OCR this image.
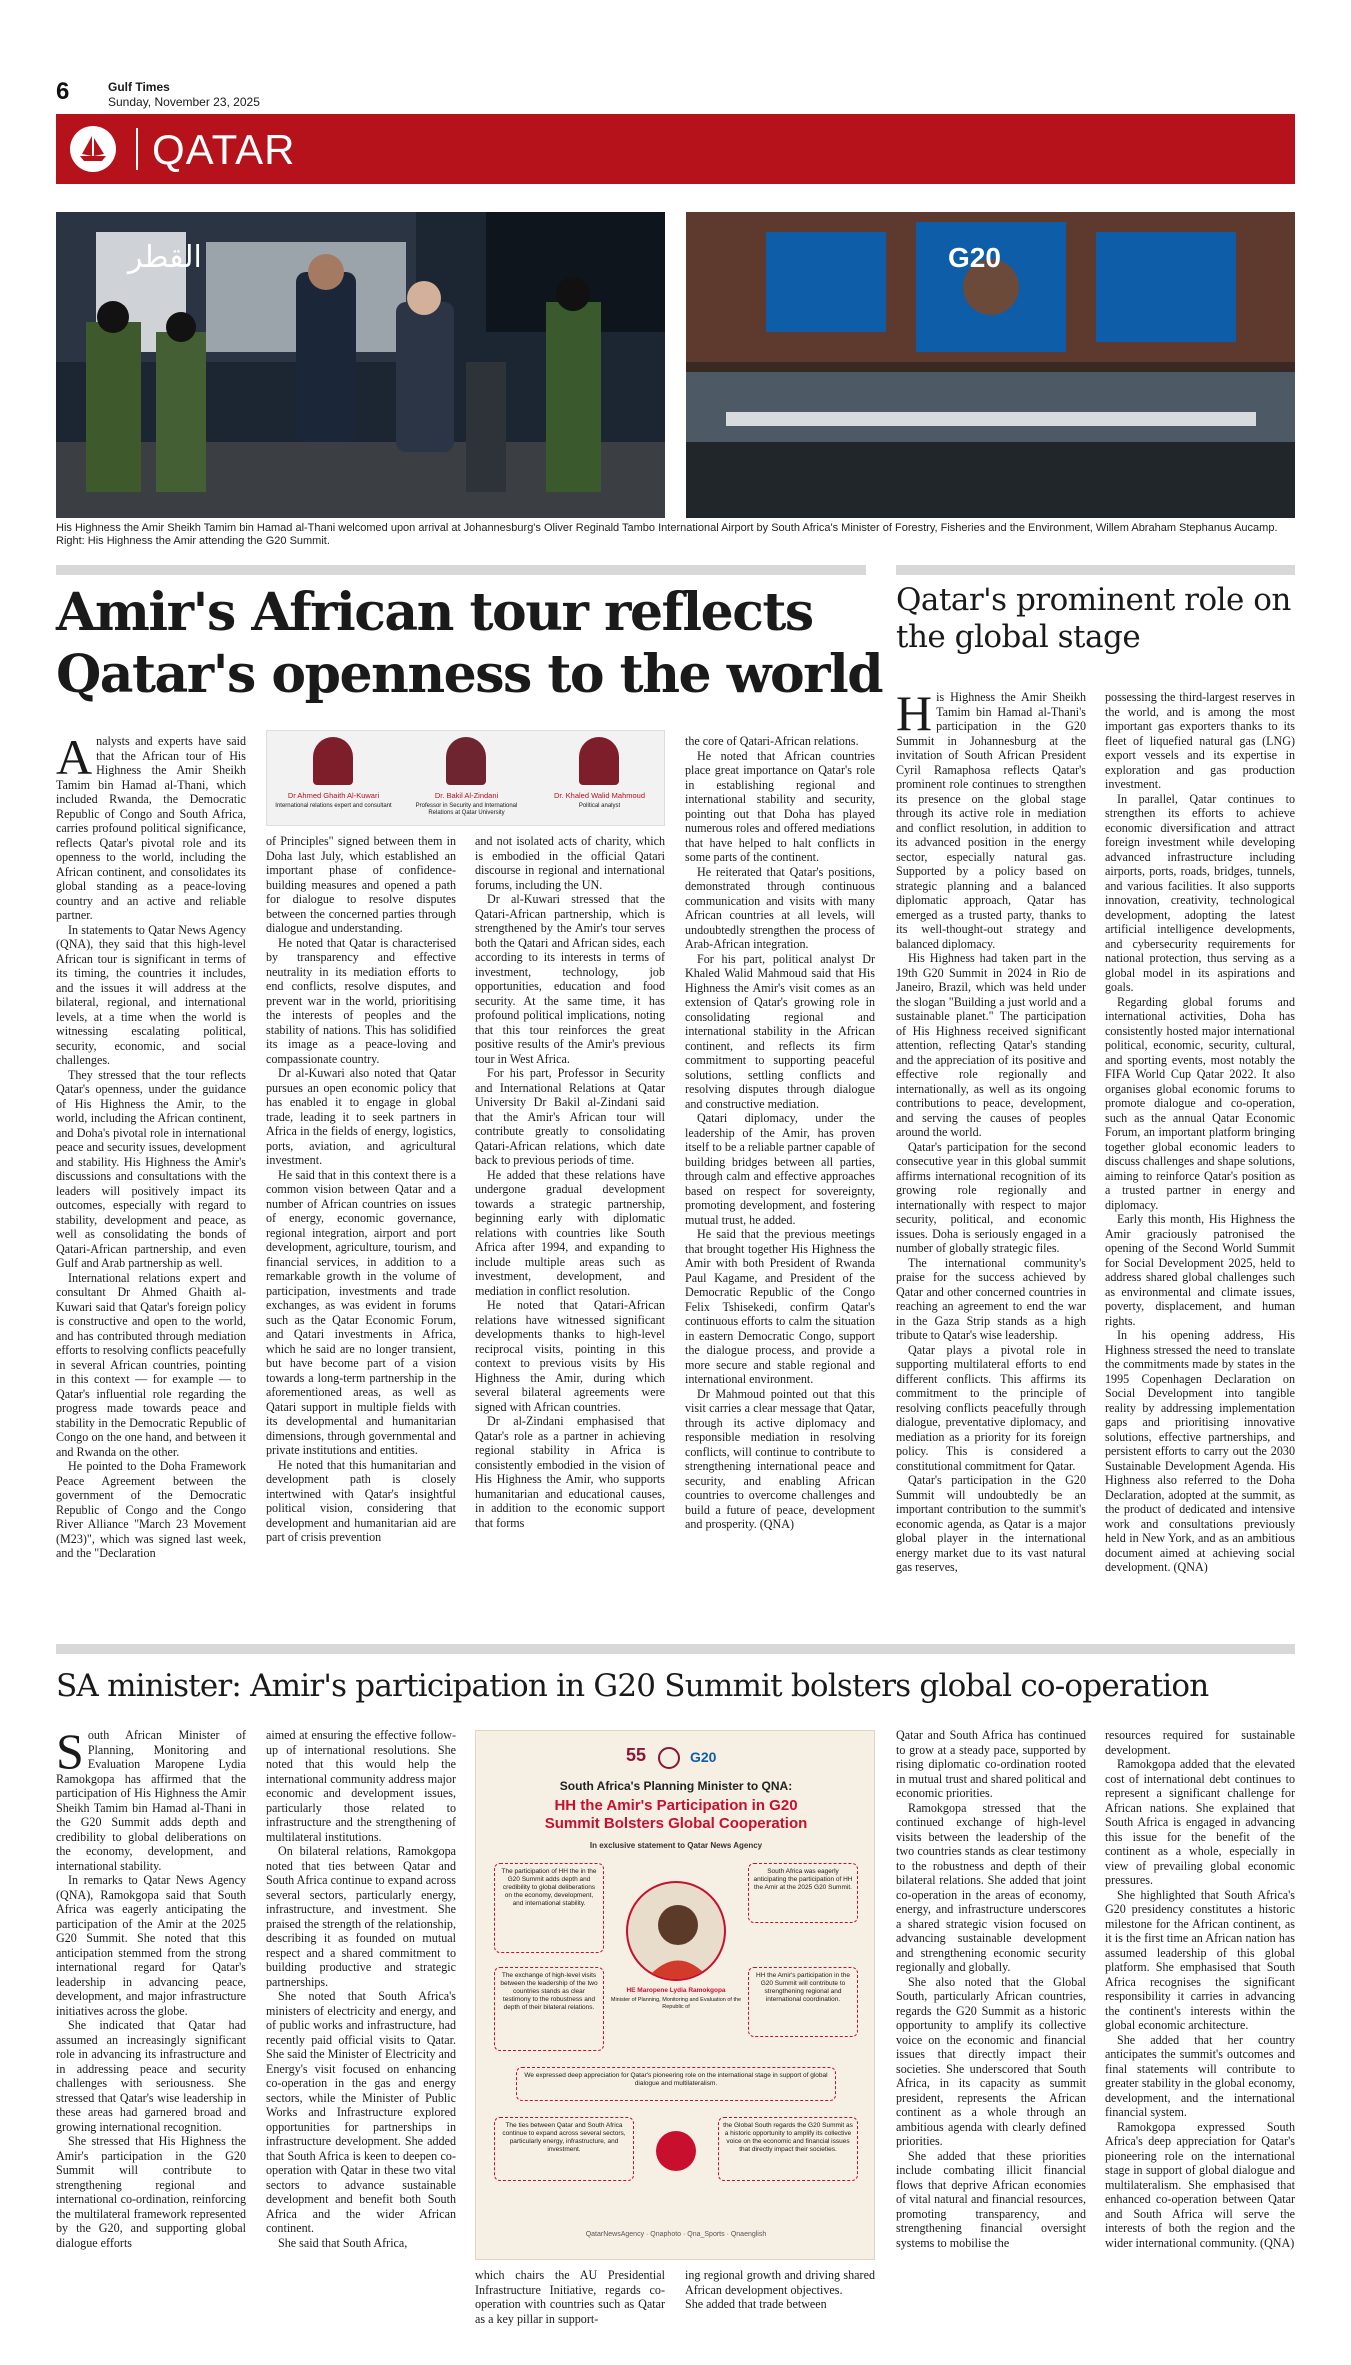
6	Gulf Times
Sunday, November 23, 2025
QATAR
القطر	G20
His Highness the Amir Sheikh Tamim bin Hamad al-Thani welcomed upon arrival at Johannesburg's Oliver Reginald Tambo International Airport by South Africa's Minister of Forestry, Fisheries and the Environment, Willem Abraham Stephanus Aucamp. Right: His Highness the Amir attending the G20 Summit.
Amir's African tour reflects Qatar's openness to the world
Dr Ahmed Ghaith Al-Kuwari
International relations expert and consultant
Dr. Bakil Al-Zindani
Professor in Security and International Relations at Qatar University
Dr. Khaled Walid Mahmoud
Political analyst

Analysts and experts have said that the African tour of His Highness the Amir Sheikh Tamim bin Hamad al-Thani, which included Rwanda, the Democratic Republic of Congo and South Africa, carries profound political significance, reflects Qatar's pivotal role and its openness to the world, including the African continent, and consolidates its global standing as a peace-loving country and an active and reliable partner.

In statements to Qatar News Agency (QNA), they said that this high-level African tour is significant in terms of its timing, the countries it includes, and the issues it will address at the bilateral, regional, and international levels, at a time when the world is witnessing escalating political, security, economic, and social challenges.

They stressed that the tour reflects Qatar's openness, under the guidance of His Highness the Amir, to the world, including the African continent, and Doha's pivotal role in international peace and security issues, development and stability. His Highness the Amir's discussions and consultations with the leaders will positively impact its outcomes, especially with regard to stability, development and peace, as well as consolidating the bonds of Qatari-African partnership, and even Gulf and Arab partnership as well.

International relations expert and consultant Dr Ahmed Ghaith al-Kuwari said that Qatar's foreign policy is constructive and open to the world, and has contributed through mediation efforts to resolving conflicts peacefully in several African countries, pointing in this context — for example — to Qatar's influential role regarding the progress made towards peace and stability in the Democratic Republic of Congo on the one hand, and between it and Rwanda on the other.

He pointed to the Doha Framework Peace Agreement between the government of the Democratic Republic of Congo and the Congo River Alliance "March 23 Movement (M23)", which was signed last week, and the "Declaration

of Principles" signed between them in Doha last July, which established an important phase of confidence-building measures and opened a path for dialogue to resolve disputes between the concerned parties through dialogue and understanding.

He noted that Qatar is characterised by transparency and effective neutrality in its mediation efforts to end conflicts, resolve disputes, and prevent war in the world, prioritising the interests of peoples and the stability of nations. This has solidified its image as a peace-loving and compassionate country.

Dr al-Kuwari also noted that Qatar pursues an open economic policy that has enabled it to engage in global trade, leading it to seek partners in Africa in the fields of energy, logistics, ports, aviation, and agricultural investment.

He said that in this context there is a common vision between Qatar and a number of African countries on issues of energy, economic governance, regional integration, airport and port development, agriculture, tourism, and financial services, in addition to a remarkable growth in the volume of participation, investments and trade exchanges, as was evident in forums such as the Qatar Economic Forum, and Qatari investments in Africa, which he said are no longer transient, but have become part of a vision towards a long-term partnership in the aforementioned areas, as well as Qatari support in multiple fields with its developmental and humanitarian dimensions, through governmental and private institutions and entities.

He noted that this humanitarian and development path is closely intertwined with Qatar's insightful political vision, considering that development and humanitarian aid are part of crisis prevention

and not isolated acts of charity, which is embodied in the official Qatari discourse in regional and international forums, including the UN.

Dr al-Kuwari stressed that the Qatari-African partnership, which is strengthened by the Amir's tour serves both the Qatari and African sides, each according to its interests in terms of investment, technology, job opportunities, education and food security. At the same time, it has profound political implications, noting that this tour reinforces the great positive results of the Amir's previous tour in West Africa.

For his part, Professor in Security and International Relations at Qatar University Dr Bakil al-Zindani said that the Amir's African tour will contribute greatly to consolidating Qatari-African relations, which date back to previous periods of time.

He added that these relations have undergone gradual development towards a strategic partnership, beginning early with diplomatic relations with countries like South Africa after 1994, and expanding to include multiple areas such as investment, development, and mediation in conflict resolution.

He noted that Qatari-African relations have witnessed significant developments thanks to high-level reciprocal visits, pointing in this context to previous visits by His Highness the Amir, during which several bilateral agreements were signed with African countries.

Dr al-Zindani emphasised that Qatar's role as a partner in achieving regional stability in Africa is consistently embodied in the vision of His Highness the Amir, who supports humanitarian and educational causes, in addition to the economic support that forms

the core of Qatari-African relations.

He noted that African countries place great importance on Qatar's role in establishing regional and international stability and security, pointing out that Doha has played numerous roles and offered mediations that have helped to halt conflicts in some parts of the continent.

He reiterated that Qatar's positions, demonstrated through continuous communication and visits with many African countries at all levels, will undoubtedly strengthen the process of Arab-African integration.

For his part, political analyst Dr Khaled Walid Mahmoud said that His Highness the Amir's visit comes as an extension of Qatar's growing role in consolidating regional and international stability in the African continent, and reflects its firm commitment to supporting peaceful solutions, settling conflicts and resolving disputes through dialogue and constructive mediation.

Qatari diplomacy, under the leadership of the Amir, has proven itself to be a reliable partner capable of building bridges between all parties, through calm and effective approaches based on respect for sovereignty, promoting development, and fostering mutual trust, he added.

He said that the previous meetings that brought together His Highness the Amir with both President of Rwanda Paul Kagame, and President of the Democratic Republic of the Congo Felix Tshisekedi, confirm Qatar's continuous efforts to calm the situation in eastern Democratic Congo, support the dialogue process, and provide a more secure and stable regional and international environment.

Dr Mahmoud pointed out that this visit carries a clear message that Qatar, through its active diplomacy and responsible mediation in resolving conflicts, will continue to contribute to strengthening international peace and security, and enabling African countries to overcome challenges and build a future of peace, development and prosperity. (QNA)

Qatar's prominent role on the global stage

His Highness the Amir Sheikh Tamim bin Hamad al-Thani's participation in the G20 Summit in Johannesburg at the invitation of South African President Cyril Ramaphosa reflects Qatar's prominent role continues to strengthen its presence on the global stage through its active role in mediation and conflict resolution, in addition to its advanced position in the energy sector, especially natural gas. Supported by a policy based on strategic planning and a balanced diplomatic approach, Qatar has emerged as a trusted party, thanks to its well-thought-out strategy and balanced diplomacy.

His Highness had taken part in the 19th G20 Summit in 2024 in Rio de Janeiro, Brazil, which was held under the slogan "Building a just world and a sustainable planet." The participation of His Highness received significant attention, reflecting Qatar's standing and the appreciation of its positive and effective role regionally and internationally, as well as its ongoing contributions to peace, development, and serving the causes of peoples around the world.

Qatar's participation for the second consecutive year in this global summit affirms international recognition of its growing role regionally and internationally with respect to major security, political, and economic issues. Doha is seriously engaged in a number of globally strategic files.

The international community's praise for the success achieved by Qatar and other concerned countries in reaching an agreement to end the war in the Gaza Strip stands as a high tribute to Qatar's wise leadership.

Qatar plays a pivotal role in supporting multilateral efforts to end different conflicts. This affirms its commitment to the principle of resolving conflicts peacefully through dialogue, preventative diplomacy, and mediation as a priority for its foreign policy. This is considered a constitutional commitment for Qatar.

Qatar's participation in the G20 Summit will undoubtedly be an important contribution to the summit's economic agenda, as Qatar is a major global player in the international energy market due to its vast natural gas reserves,

possessing the third-largest reserves in the world, and is among the most important gas exporters thanks to its fleet of liquefied natural gas (LNG) export vessels and its expertise in exploration and gas production investment.

In parallel, Qatar continues to strengthen its efforts to achieve economic diversification and attract foreign investment while developing advanced infrastructure including airports, ports, roads, bridges, tunnels, and various facilities. It also supports innovation, creativity, technological development, adopting the latest artificial intelligence developments, and cybersecurity requirements for national protection, thus serving as a global model in its aspirations and goals.

Regarding global forums and international activities, Doha has consistently hosted major international political, economic, security, cultural, and sporting events, most notably the FIFA World Cup Qatar 2022. It also organises global economic forums to promote dialogue and co-operation, such as the annual Qatar Economic Forum, an important platform bringing together global economic leaders to discuss challenges and shape solutions, aiming to reinforce Qatar's position as a trusted partner in energy and diplomacy.

Early this month, His Highness the Amir graciously patronised the opening of the Second World Summit for Social Development 2025, held to address shared global challenges such as environmental and climate issues, poverty, displacement, and human rights.

In his opening address, His Highness stressed the need to translate the commitments made by states in the 1995 Copenhagen Declaration on Social Development into tangible reality by addressing implementation gaps and prioritising innovative solutions, effective partnerships, and persistent efforts to carry out the 2030 Sustainable Development Agenda. His Highness also referred to the Doha Declaration, adopted at the summit, as the product of dedicated and intensive work and consultations previously held in New York, and as an ambitious document aimed at achieving social development. (QNA)

SA minister: Amir's participation in G20 Summit bolsters global co-operation

South African Minister of Planning, Monitoring and Evaluation Maropene Lydia Ramokgopa has affirmed that the participation of His Highness the Amir Sheikh Tamim bin Hamad al-Thani in the G20 Summit adds depth and credibility to global deliberations on the economy, development, and international stability.

In remarks to Qatar News Agency (QNA), Ramokgopa said that South Africa was eagerly anticipating the participation of the Amir at the 2025 G20 Summit. She noted that this anticipation stemmed from the strong international regard for Qatar's leadership in advancing peace, development, and major infrastructure initiatives across the globe.

She indicated that Qatar had assumed an increasingly significant role in advancing its infrastructure and in addressing peace and security challenges with seriousness. She stressed that Qatar's wise leadership in these areas had garnered broad and growing international recognition.

She stressed that His Highness the Amir's participation in the G20 Summit will contribute to strengthening regional and international co-ordination, reinforcing the multilateral framework represented by the G20, and supporting global dialogue efforts

aimed at ensuring the effective follow-up of international resolutions. She noted that this would help the international community address major economic and development issues, particularly those related to infrastructure and the strengthening of multilateral institutions.

On bilateral relations, Ramokgopa noted that ties between Qatar and South Africa continue to expand across several sectors, particularly energy, infrastructure, and investment. She praised the strength of the relationship, describing it as founded on mutual respect and a shared commitment to building productive and strategic partnerships.

She noted that South Africa's ministers of electricity and energy, and of public works and infrastructure, had recently paid official visits to Qatar. She said the Minister of Electricity and Energy's visit focused on enhancing co-operation in the gas and energy sectors, while the Minister of Public Works and Infrastructure explored opportunities for partnerships in infrastructure development. She added that South Africa is keen to deepen co-operation with Qatar in these two vital sectors to advance sustainable development and benefit both South Africa and the wider African continent.

She said that South Africa,

55	G20
South Africa's Planning Minister to QNA:
HH the Amir's Participation in G20
Summit Bolsters Global Cooperation
In exclusive statement to Qatar News Agency
The participation of HH the in the G20 Summit adds depth and credibility to global deliberations on the economy, development, and international stability.
South Africa was eagerly anticipating the participation of HH the Amir at the 2025 G20 Summit.
HE Maropene Lydia Ramokgopa
Minister of Planning, Monitoring and Evaluation of the Republic of
The exchange of high-level visits between the leadership of the two countries stands as clear testimony to the robustness and depth of their bilateral relations.
HH the Amir's participation in the G20 Summit will contribute to strengthening regional and international coordination.
We expressed deep appreciation for Qatar's pioneering role on the international stage in support of global dialogue and multilateralism.
The ties between Qatar and South Africa continue to expand across several sectors, particularly energy, infrastructure, and investment.
the Global South regards the G20 Summit as a historic opportunity to amplify its collective voice on the economic and financial issues that directly impact their societies.
QatarNewsAgency · Qnaphoto · Qna_Sports · Qnaenglish
which chairs the AU Presidential Infrastructure Initiative, regards co-operation with countries such as Qatar as a key pillar in support-
ing regional growth and driving shared African development objectives.
She added that trade between

Qatar and South Africa has continued to grow at a steady pace, supported by rising diplomatic co-ordination rooted in mutual trust and shared political and economic priorities.

Ramokgopa stressed that the continued exchange of high-level visits between the leadership of the two countries stands as clear testimony to the robustness and depth of their bilateral relations. She added that joint co-operation in the areas of economy, energy, and infrastructure underscores a shared strategic vision focused on advancing sustainable development and strengthening economic security regionally and globally.

She also noted that the Global South, particularly African countries, regards the G20 Summit as a historic opportunity to amplify its collective voice on the economic and financial issues that directly impact their societies. She underscored that South Africa, in its capacity as summit president, represents the African continent as a whole through an ambitious agenda with clearly defined priorities.

She added that these priorities include combating illicit financial flows that deprive African economies of vital natural and financial resources, promoting transparency, and strengthening financial oversight systems to mobilise the

resources required for sustainable development.

Ramokgopa added that the elevated cost of international debt continues to represent a significant challenge for African nations. She explained that South Africa is engaged in advancing this issue for the benefit of the continent as a whole, especially in view of prevailing global economic pressures.

She highlighted that South Africa's G20 presidency constitutes a historic milestone for the African continent, as it is the first time an African nation has assumed leadership of this global platform. She emphasised that South Africa recognises the significant responsibility it carries in advancing the continent's interests within the global economic architecture.

She added that her country anticipates the summit's outcomes and final statements will contribute to greater stability in the global economy, development, and the international financial system.

Ramokgopa expressed South Africa's deep appreciation for Qatar's pioneering role on the international stage in support of global dialogue and multilateralism. She emphasised that enhanced co-operation between Qatar and South Africa will serve the interests of both the region and the wider international community. (QNA)
